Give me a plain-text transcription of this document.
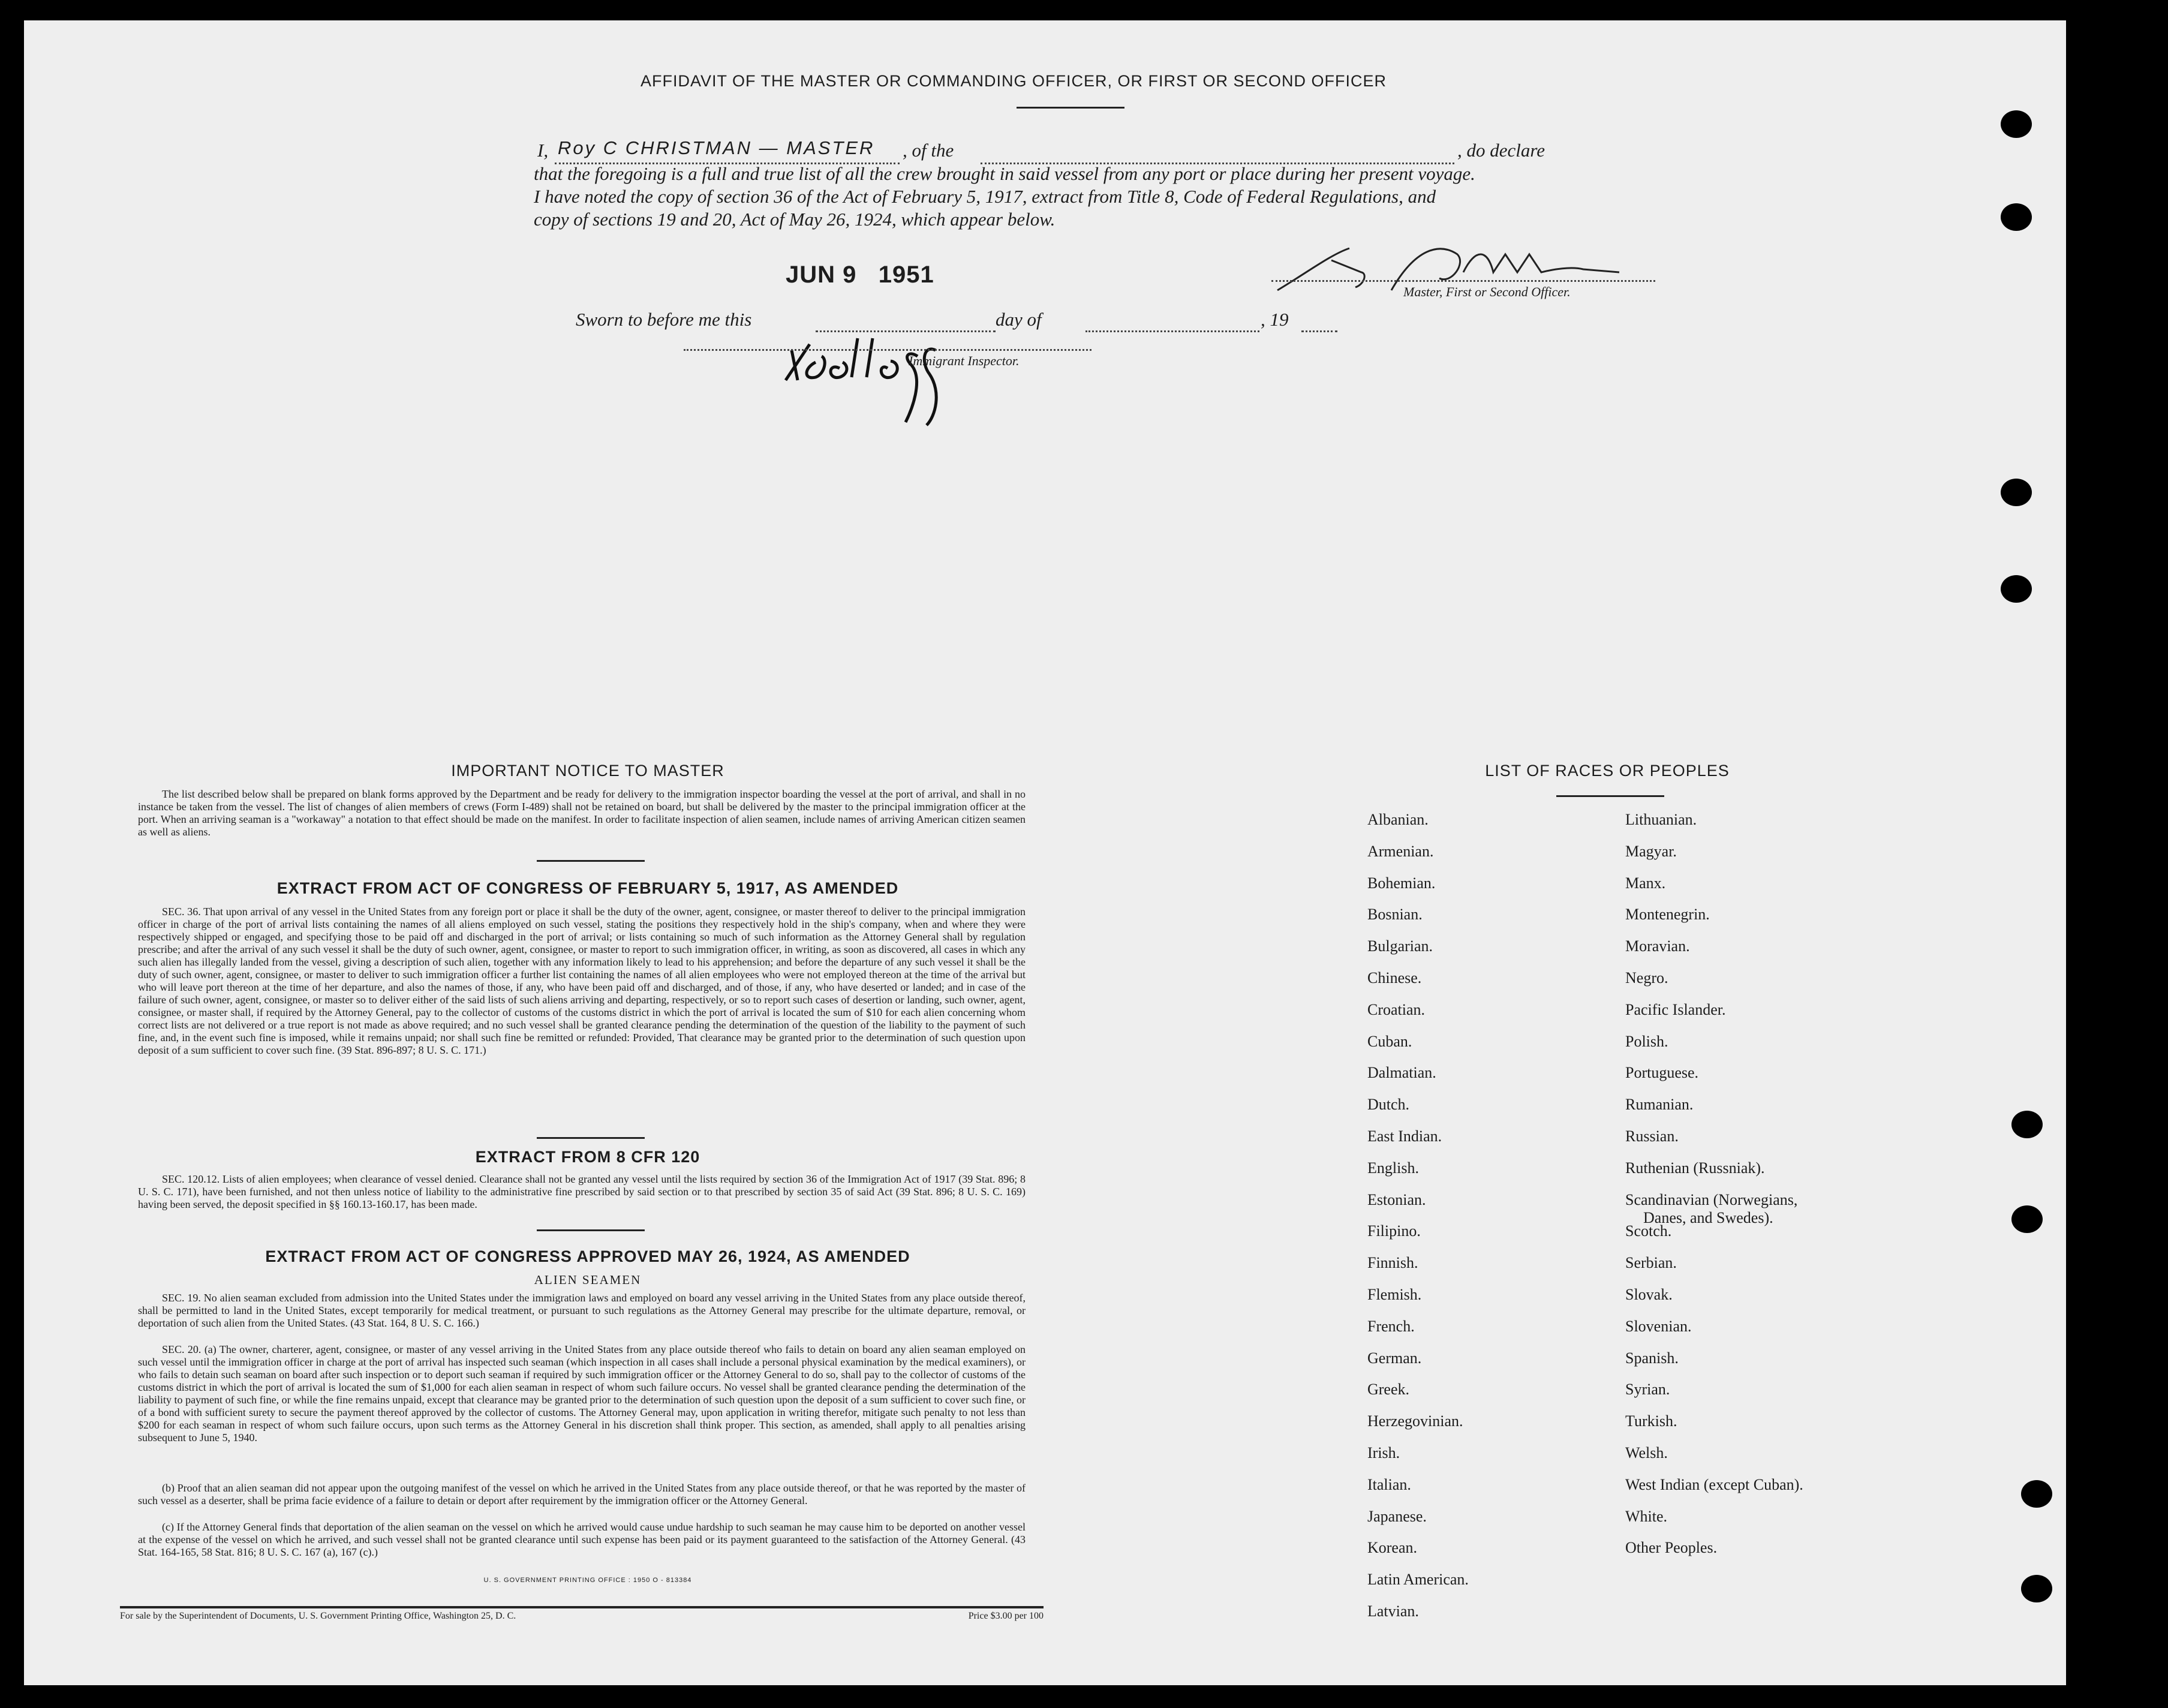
AFFIDAVIT OF THE MASTER OR COMMANDING OFFICER, OR FIRST OR SECOND OFFICER
I, Roy C CHRISTMAN — MASTER , of the	, do declare
that the foregoing is a full and true list of all the crew brought in said vessel from any port or place during her present voyage.
I have noted the copy of section 36 of the Act of February 5, 1917, extract from Title 8, Code of Federal Regulations, and
copy of sections 19 and 20, Act of May 26, 1924, which appear below.
Master, First or Second Officer.
JUN 9   1951
Sworn to before me this	day of	, 19
Immigrant Inspector.
IMPORTANT NOTICE TO MASTER
The list described below shall be prepared on blank forms approved by the Department and be ready for delivery to the immigration inspector boarding the vessel at the port of arrival, and shall in no instance be taken from the vessel. The list of changes of alien members of crews (Form I-489) shall not be retained on board, but shall be delivered by the master to the principal immigration officer at the port. When an arriving seaman is a "workaway" a notation to that effect should be made on the manifest. In order to facilitate inspection of alien seamen, include names of arriving American citizen seamen as well as aliens.
EXTRACT FROM ACT OF CONGRESS OF FEBRUARY 5, 1917, AS AMENDED
SEC. 36. That upon arrival of any vessel in the United States from any foreign port or place it shall be the duty of the owner, agent, consignee, or master thereof to deliver to the principal immigration officer in charge of the port of arrival lists containing the names of all aliens employed on such vessel, stating the positions they respectively hold in the ship's company, when and where they were respectively shipped or engaged, and specifying those to be paid off and discharged in the port of arrival; or lists containing so much of such information as the Attorney General shall by regulation prescribe; and after the arrival of any such vessel it shall be the duty of such owner, agent, consignee, or master to report to such immigration officer, in writing, as soon as discovered, all cases in which any such alien has illegally landed from the vessel, giving a description of such alien, together with any information likely to lead to his apprehension; and before the departure of any such vessel it shall be the duty of such owner, agent, consignee, or master to deliver to such immigration officer a further list containing the names of all alien employees who were not employed thereon at the time of the arrival but who will leave port thereon at the time of her departure, and also the names of those, if any, who have been paid off and discharged, and of those, if any, who have deserted or landed; and in case of the failure of such owner, agent, consignee, or master so to deliver either of the said lists of such aliens arriving and departing, respectively, or so to report such cases of desertion or landing, such owner, agent, consignee, or master shall, if required by the Attorney General, pay to the collector of customs of the customs district in which the port of arrival is located the sum of $10 for each alien concerning whom correct lists are not delivered or a true report is not made as above required; and no such vessel shall be granted clearance pending the determination of the question of the liability to the payment of such fine, and, in the event such fine is imposed, while it remains unpaid; nor shall such fine be remitted or refunded: Provided, That clearance may be granted prior to the determination of such question upon deposit of a sum sufficient to cover such fine. (39 Stat. 896-897; 8 U. S. C. 171.)
EXTRACT FROM 8 CFR 120
SEC. 120.12. Lists of alien employees; when clearance of vessel denied. Clearance shall not be granted any vessel until the lists required by section 36 of the Immigration Act of 1917 (39 Stat. 896; 8 U. S. C. 171), have been furnished, and not then unless notice of liability to the administrative fine prescribed by said section or to that prescribed by section 35 of said Act (39 Stat. 896; 8 U. S. C. 169) having been served, the deposit specified in §§ 160.13-160.17, has been made.
EXTRACT FROM ACT OF CONGRESS APPROVED MAY 26, 1924, AS AMENDED
ALIEN SEAMEN
SEC. 19. No alien seaman excluded from admission into the United States under the immigration laws and employed on board any vessel arriving in the United States from any place outside thereof, shall be permitted to land in the United States, except temporarily for medical treatment, or pursuant to such regulations as the Attorney General may prescribe for the ultimate departure, removal, or deportation of such alien from the United States. (43 Stat. 164, 8 U. S. C. 166.)
SEC. 20. (a) The owner, charterer, agent, consignee, or master of any vessel arriving in the United States from any place outside thereof who fails to detain on board any alien seaman employed on such vessel until the immigration officer in charge at the port of arrival has inspected such seaman (which inspection in all cases shall include a personal physical examination by the medical examiners), or who fails to detain such seaman on board after such inspection or to deport such seaman if required by such immigration officer or the Attorney General to do so, shall pay to the collector of customs of the customs district in which the port of arrival is located the sum of $1,000 for each alien seaman in respect of whom such failure occurs. No vessel shall be granted clearance pending the determination of the liability to payment of such fine, or while the fine remains unpaid, except that clearance may be granted prior to the determination of such question upon the deposit of a sum sufficient to cover such fine, or of a bond with sufficient surety to secure the payment thereof approved by the collector of customs. The Attorney General may, upon application in writing therefor, mitigate such penalty to not less than $200 for each seaman in respect of whom such failure occurs, upon such terms as the Attorney General in his discretion shall think proper. This section, as amended, shall apply to all penalties arising subsequent to June 5, 1940.
(b) Proof that an alien seaman did not appear upon the outgoing manifest of the vessel on which he arrived in the United States from any place outside thereof, or that he was reported by the master of such vessel as a deserter, shall be prima facie evidence of a failure to detain or deport after requirement by the immigration officer or the Attorney General.
(c) If the Attorney General finds that deportation of the alien seaman on the vessel on which he arrived would cause undue hardship to such seaman he may cause him to be deported on another vessel at the expense of the vessel on which he arrived, and such vessel shall not be granted clearance until such expense has been paid or its payment guaranteed to the satisfaction of the Attorney General. (43 Stat. 164-165, 58 Stat. 816; 8 U. S. C. 167 (a), 167 (c).)
U. S. GOVERNMENT PRINTING OFFICE : 1950 O - 813384
For sale by the Superintendent of Documents, U. S. Government Printing Office, Washington 25, D. C.	Price $3.00 per 100
LIST OF RACES OR PEOPLES
Albanian.
Armenian.
Bohemian.
Bosnian.
Bulgarian.
Chinese.
Croatian.
Cuban.
Dalmatian.
Dutch.
East Indian.
English.
Estonian.
Filipino.
Finnish.
Flemish.
French.
German.
Greek.
Herzegovinian.
Irish.
Italian.
Japanese.
Korean.
Latin American.
Latvian.
Lithuanian.
Magyar.
Manx.
Montenegrin.
Moravian.
Negro.
Pacific Islander.
Polish.
Portuguese.
Rumanian.
Russian.
Ruthenian (Russniak).
Scandinavian (Norwegians,
Danes, and Swedes).
Scotch.
Serbian.
Slovak.
Slovenian.
Spanish.
Syrian.
Turkish.
Welsh.
West Indian (except Cuban).
White.
Other Peoples.
